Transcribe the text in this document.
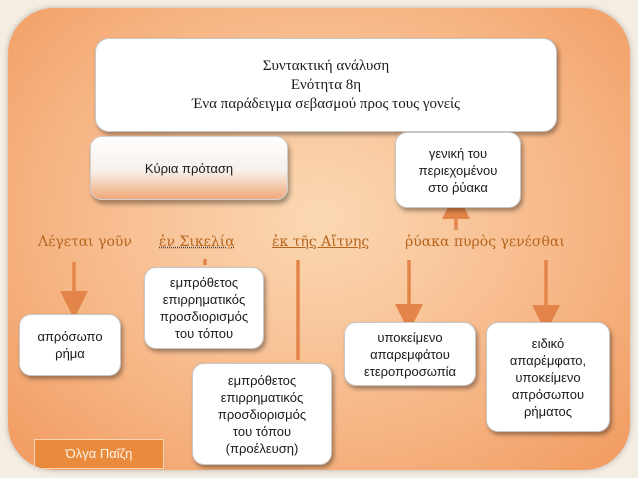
Συντακτική ανάλυση
Ενότητα 8η
Ένα παράδειγμα σεβασμού προς τους γονείς
Κύρια πρόταση
γενική του
περιεχομένου
στο ῥύακα
Λέγεται γοῦν ἐν Σικελίᾳ	ἐκ τῆς Αἴτνης	ῥύακα πυρὸς γενέσθαι
απρόσωπο
ρήμα
εμπρόθετος
επιρρηματικός
προσδιορισμός
του τόπου
εμπρόθετος
επιρρηματικός
προσδιορισμός
του τόπου
(προέλευση)
υποκείμενο
απαρεμφάτου
ετεροπροσωπία
ειδικό
απαρέμφατο,
υποκείμενο
απρόσωπου
ρήματος
Όλγα Παΐζη
